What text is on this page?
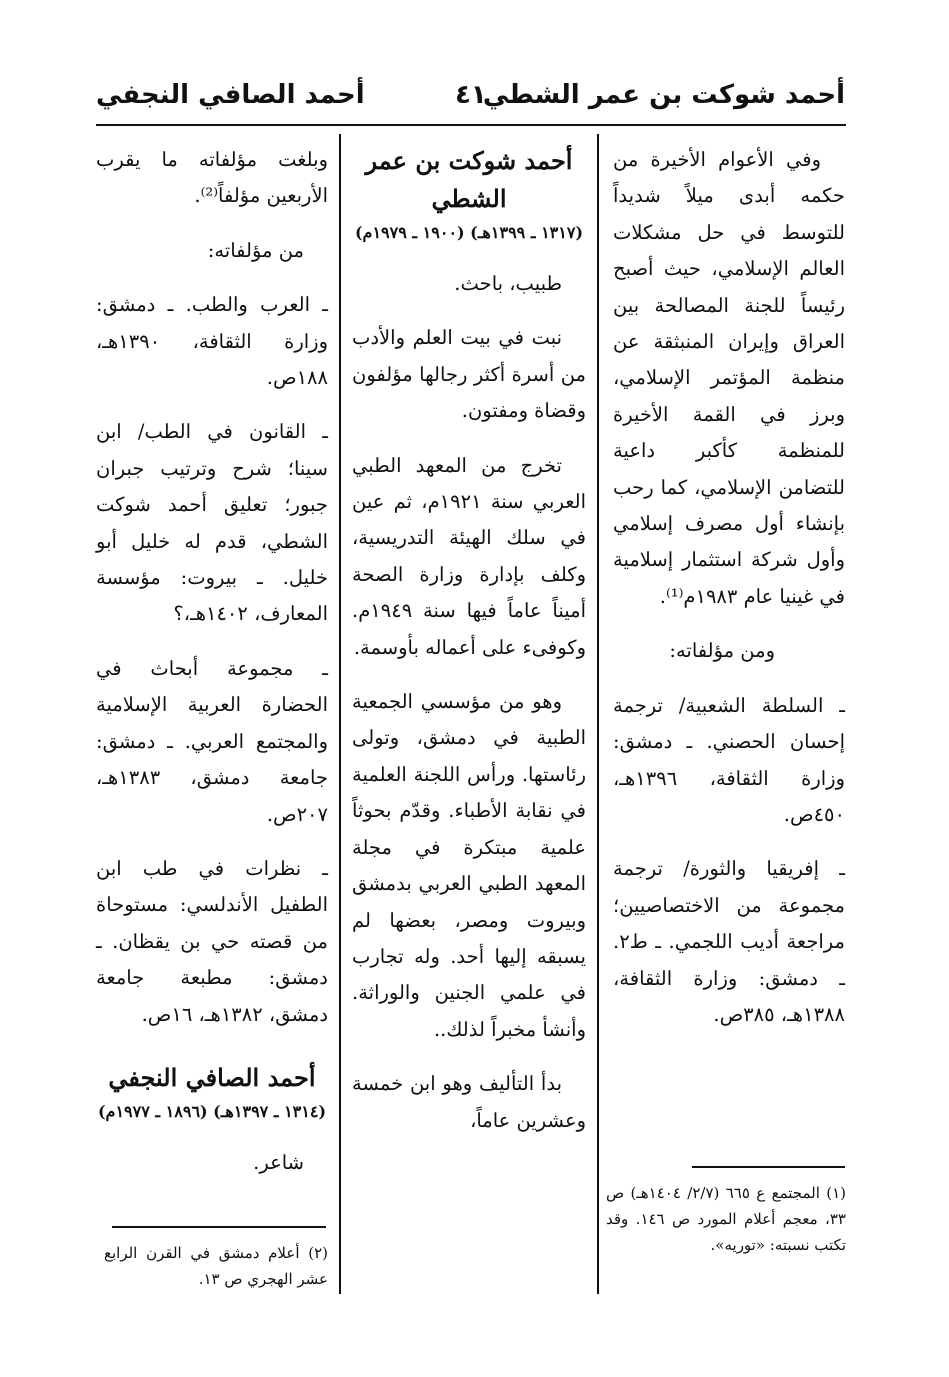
أحمد شوكت بن عمر الشطي
٤١
أحمد الصافي النجفي

وفي الأعوام الأخيرة من حكمه أبدى ميلاً شديداً للتوسط في حل مشكلات العالم الإسلامي، حيث أصبح رئيساً للجنة المصالحة بين العراق وإيران المنبثقة عن منظمة المؤتمر الإسلامي، وبرز في القمة الأخيرة للمنظمة كأكبر داعية للتضامن الإسلامي، كما رحب بإنشاء أول مصرف إسلامي وأول شركة استثمار إسلامية في غينيا عام ١٩٨٣م⁽¹⁾.

ومن مؤلفاته:

ـ السلطة الشعبية/ ترجمة إحسان الحصني. ـ دمشق: وزارة الثقافة، ١٣٩٦هـ، ٤٥٠ص.

ـ إفريقيا والثورة/ ترجمة مجموعة من الاختصاصيين؛ مراجعة أديب اللجمي. ـ ط٢. ـ دمشق: وزارة الثقافة، ١٣٨٨هـ، ٣٨٥ص.

(١) المجتمع ع ٦٦٥ (٢/٧/ ١٤٠٤هـ) ص ٣٣، معجم أعلام المورد ص ١٤٦. وقد تكتب نسبته: «توريه».

أحمد شوكت بن عمر الشطي

(١٣١٧ ـ ١٣٩٩هـ) (١٩٠٠ ـ ١٩٧٩م)

طبيب، باحث.

نبت في بيت العلم والأدب من أسرة أكثر رجالها مؤلفون وقضاة ومفتون.

تخرج من المعهد الطبي العربي سنة ١٩٢١م، ثم عين في سلك الهيئة التدريسية، وكلف بإدارة وزارة الصحة أميناً عاماً فيها سنة ١٩٤٩م. وكوفىء على أعماله بأوسمة.

وهو من مؤسسي الجمعية الطبية في دمشق، وتولى رئاستها. ورأس اللجنة العلمية في نقابة الأطباء. وقدّم بحوثاً علمية مبتكرة في مجلة المعهد الطبي العربي بدمشق وبيروت ومصر، بعضها لم يسبقه إليها أحد. وله تجارب في علمي الجنين والوراثة. وأنشأ مخبراً لذلك..

بدأ التأليف وهو ابن خمسة وعشرين عاماً،

وبلغت مؤلفاته ما يقرب الأربعين مؤلفاً⁽²⁾.

من مؤلفاته:

ـ العرب والطب. ـ دمشق: وزارة الثقافة، ١٣٩٠هـ، ١٨٨ص.

ـ القانون في الطب/ ابن سينا؛ شرح وترتيب جبران جبور؛ تعليق أحمد شوكت الشطي، قدم له خليل أبو خليل. ـ بيروت: مؤسسة المعارف، ١٤٠٢هـ،؟

ـ مجموعة أبحاث في الحضارة العربية الإسلامية والمجتمع العربي. ـ دمشق: جامعة دمشق، ١٣٨٣هـ، ٢٠٧ص.

ـ نظرات في طب ابن الطفيل الأندلسي: مستوحاة من قصته حي بن يقظان. ـ دمشق: مطبعة جامعة دمشق، ١٣٨٢هـ، ١٦ص.

أحمد الصافي النجفي

(١٣١٤ ـ ١٣٩٧هـ) (١٨٩٦ ـ ١٩٧٧م)

شاعر.

(٢) أعلام دمشق في القرن الرابع عشر الهجري ص ١٣.
